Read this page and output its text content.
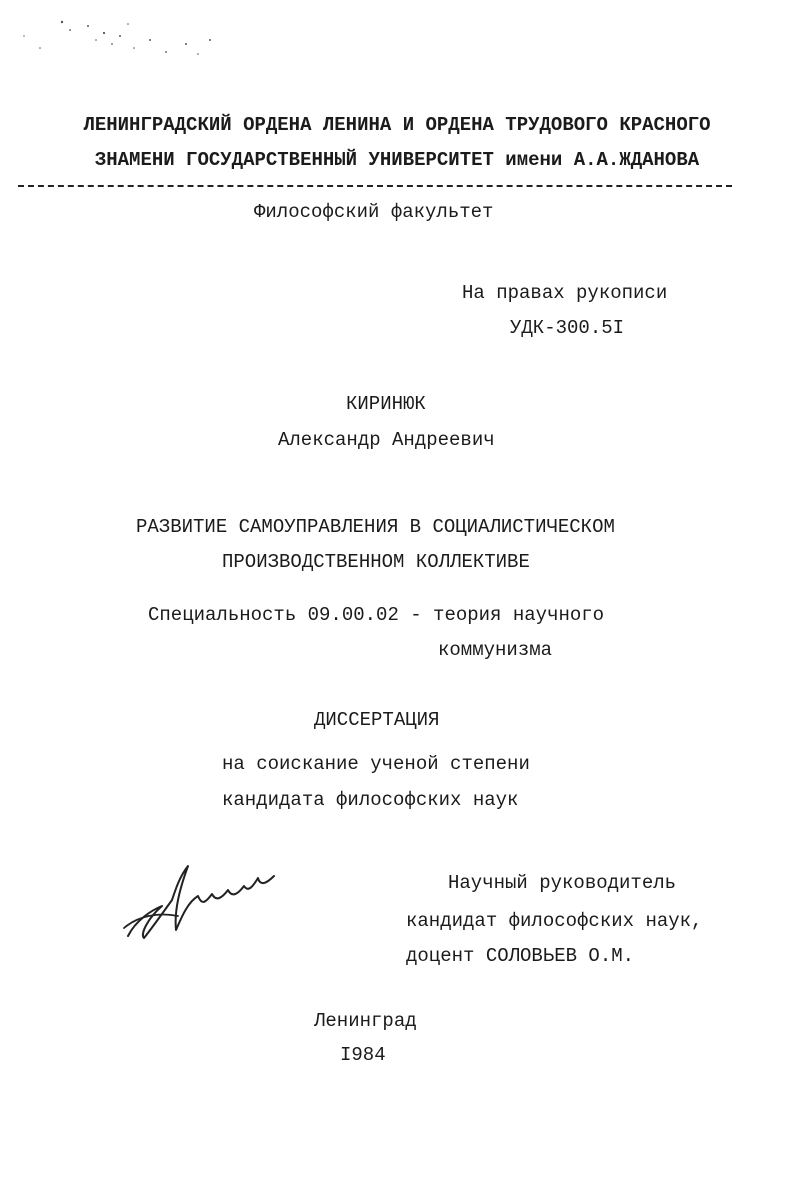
ЛЕНИНГРАДСКИЙ ОРДЕНА ЛЕНИНА И ОРДЕНА ТРУДОВОГО КРАСНОГО
ЗНАМЕНИ ГОСУДАРСТВЕННЫЙ УНИВЕРСИТЕТ имени А.А.ЖДАНОВА
Философский факультет
На правах рукописи
УДК-300.5I
КИРИНЮК
Александр Андреевич
РАЗВИТИЕ САМОУПРАВЛЕНИЯ В СОЦИАЛИСТИЧЕСКОМ
ПРОИЗВОДСТВЕННОМ КОЛЛЕКТИВЕ
Специальность 09.00.02 - теория научного
коммунизма
ДИССЕРТАЦИЯ
на соискание ученой степени
кандидата философских наук
Научный руководитель
кандидат философских наук,
доцент СОЛОВЬЕВ О.М.
Ленинград
I984
